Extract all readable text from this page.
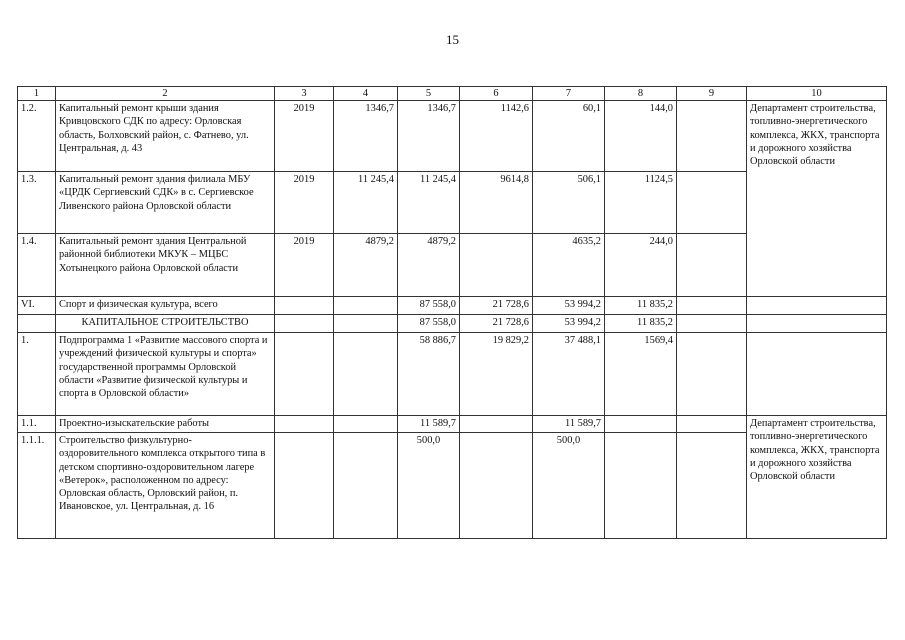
15
1	2	3	4	5	6	7	8	9	10
1.2.	Капитальный ремонт крыши здания Кривцовского СДК по адресу: Орловская область, Болховский район, с. Фатнево, ул. Центральная, д. 43	2019	1346,7	1346,7	1142,6	60,1	144,0		Департамент строительства, топливно-энергетического комплекса, ЖКХ, транспорта и дорожного хозяйства Орловской области
1.3.	Капитальный ремонт здания филиала МБУ «ЦРДК Сергиевский СДК» в с. Сергиевское Ливенского района Орловской области	2019	11 245,4	11 245,4	9614,8	506,1	1124,5		
1.4.	Капитальный ремонт здания Центральной районной библиотеки МКУК – МЦБС Хотынецкого района Орловской области	2019	4879,2	4879,2		4635,2	244,0		
VI.	Спорт и физическая культура, всего			87 558,0	21 728,6	53 994,2	11 835,2		
	КАПИТАЛЬНОЕ СТРОИТЕЛЬСТВО			87 558,0	21 728,6	53 994,2	11 835,2		
1.	Подпрограмма 1 «Развитие массового спорта и учреждений физической культуры и спорта» государственной программы Орловской области «Развитие физической культуры и спорта в Орловской области»			58 886,7	19 829,2	37 488,1	1569,4		
1.1.	Проектно-изыскательские работы			11 589,7		11 589,7			Департамент строительства, топливно-энергетического комплекса, ЖКХ, транспорта и дорожного хозяйства Орловской области
1.1.1.	Строительство физкультурно-оздоровительного комплекса открытого типа в детском спортивно-оздоровительном лагере «Ветерок», расположенном по адресу: Орловская область, Орловский район, п. Ивановское, ул. Центральная, д. 16			500,0		500,0			
